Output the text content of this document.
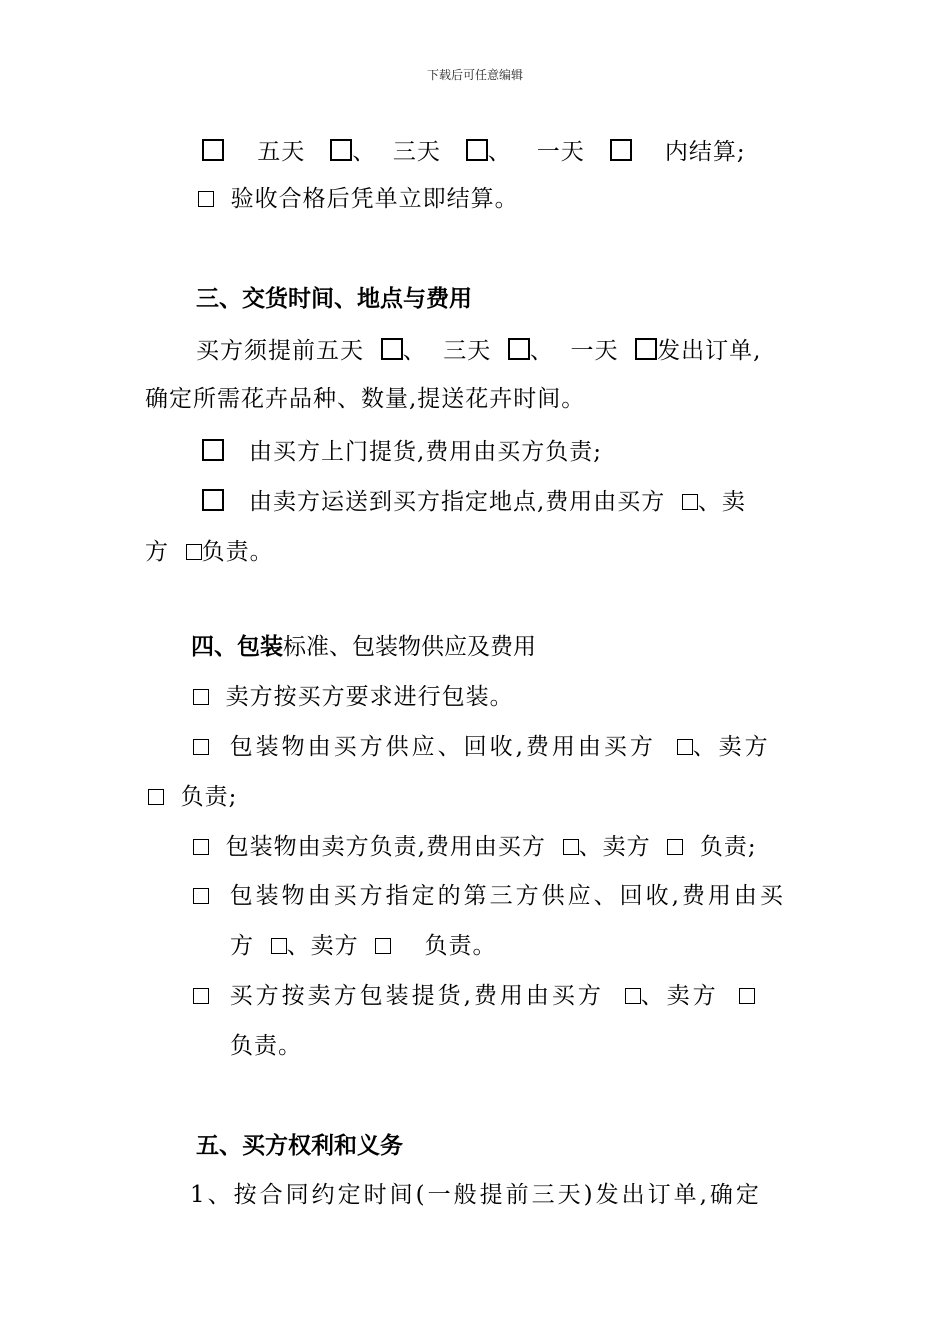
下载后可任意编辑
五天 、 三天 、 一天	内结算;
验收合格后凭单立即结算。
三、交货时间、地点与费用
买方须提前五天 、 三天 、 一天 发出订单,
确定所需花卉品种、数量,提送花卉时间。
由买方上门提货,费用由买方负责;
由卖方运送到买方指定地点,费用由买方 、卖
方 负责。
四、包装标准、包装物供应及费用
卖方按买方要求进行包装。
包装物由买方供应、回收,费用由买方 、卖方
负责;
包装物由卖方负责,费用由买方 、卖方 负责;
包装物由买方指定的第三方供应、回收,费用由买
方 、卖方	负责。
买方按卖方包装提货,费用由买方 、卖方
负责。
五、买方权利和义务
1、按合同约定时间(一般提前三天)发出订单,确定
